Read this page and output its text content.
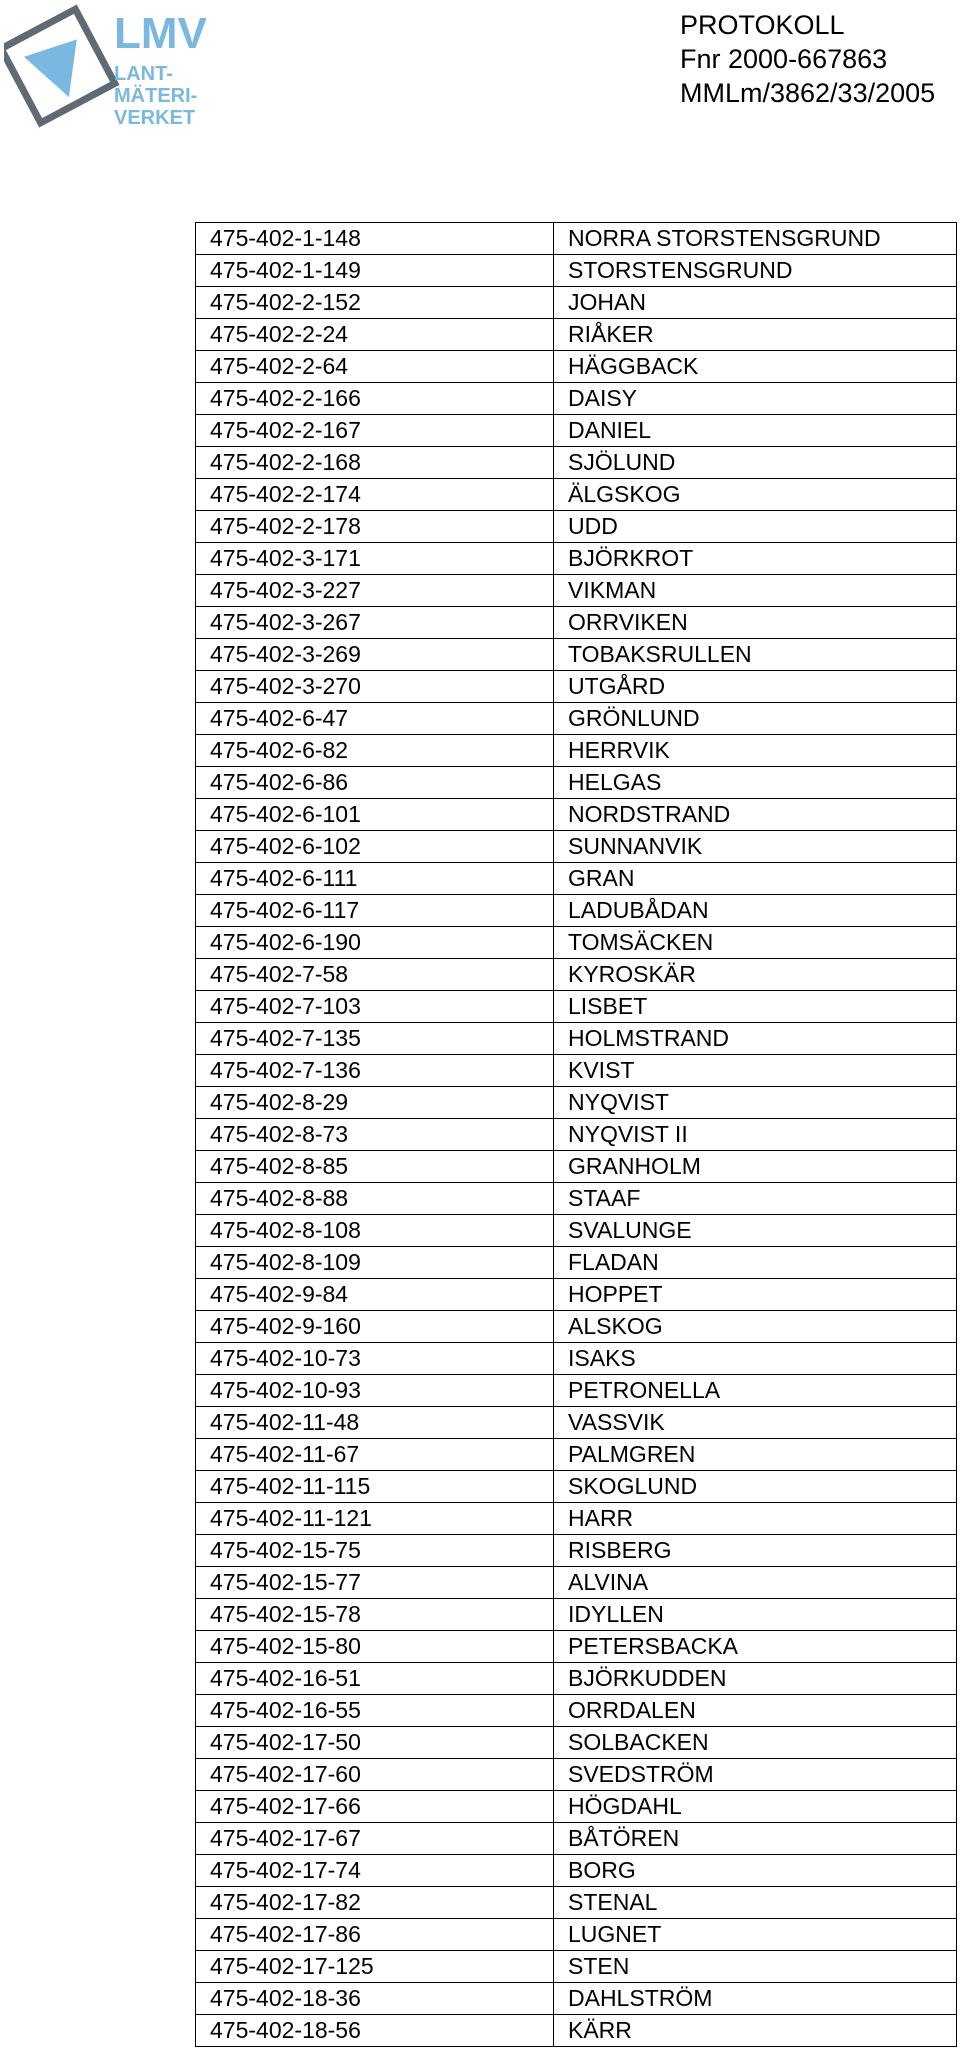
LMV
LANT-
MÄTERI-
VERKET
PROTOKOLL
Fnr 2000-667863
MMLm/3862/33/2005
475-402-1-148	NORRA STORSTENSGRUND
475-402-1-149	STORSTENSGRUND
475-402-2-152	JOHAN
475-402-2-24	RIÅKER
475-402-2-64	HÄGGBACK
475-402-2-166	DAISY
475-402-2-167	DANIEL
475-402-2-168	SJÖLUND
475-402-2-174	ÄLGSKOG
475-402-2-178	UDD
475-402-3-171	BJÖRKROT
475-402-3-227	VIKMAN
475-402-3-267	ORRVIKEN
475-402-3-269	TOBAKSRULLEN
475-402-3-270	UTGÅRD
475-402-6-47	GRÖNLUND
475-402-6-82	HERRVIK
475-402-6-86	HELGAS
475-402-6-101	NORDSTRAND
475-402-6-102	SUNNANVIK
475-402-6-111	GRAN
475-402-6-117	LADUBÅDAN
475-402-6-190	TOMSÄCKEN
475-402-7-58	KYROSKÄR
475-402-7-103	LISBET
475-402-7-135	HOLMSTRAND
475-402-7-136	KVIST
475-402-8-29	NYQVIST
475-402-8-73	NYQVIST II
475-402-8-85	GRANHOLM
475-402-8-88	STAAF
475-402-8-108	SVALUNGE
475-402-8-109	FLADAN
475-402-9-84	HOPPET
475-402-9-160	ALSKOG
475-402-10-73	ISAKS
475-402-10-93	PETRONELLA
475-402-11-48	VASSVIK
475-402-11-67	PALMGREN
475-402-11-115	SKOGLUND
475-402-11-121	HARR
475-402-15-75	RISBERG
475-402-15-77	ALVINA
475-402-15-78	IDYLLEN
475-402-15-80	PETERSBACKA
475-402-16-51	BJÖRKUDDEN
475-402-16-55	ORRDALEN
475-402-17-50	SOLBACKEN
475-402-17-60	SVEDSTRÖM
475-402-17-66	HÖGDAHL
475-402-17-67	BÅTÖREN
475-402-17-74	BORG
475-402-17-82	STENAL
475-402-17-86	LUGNET
475-402-17-125	STEN
475-402-18-36	DAHLSTRÖM
475-402-18-56	KÄRR
